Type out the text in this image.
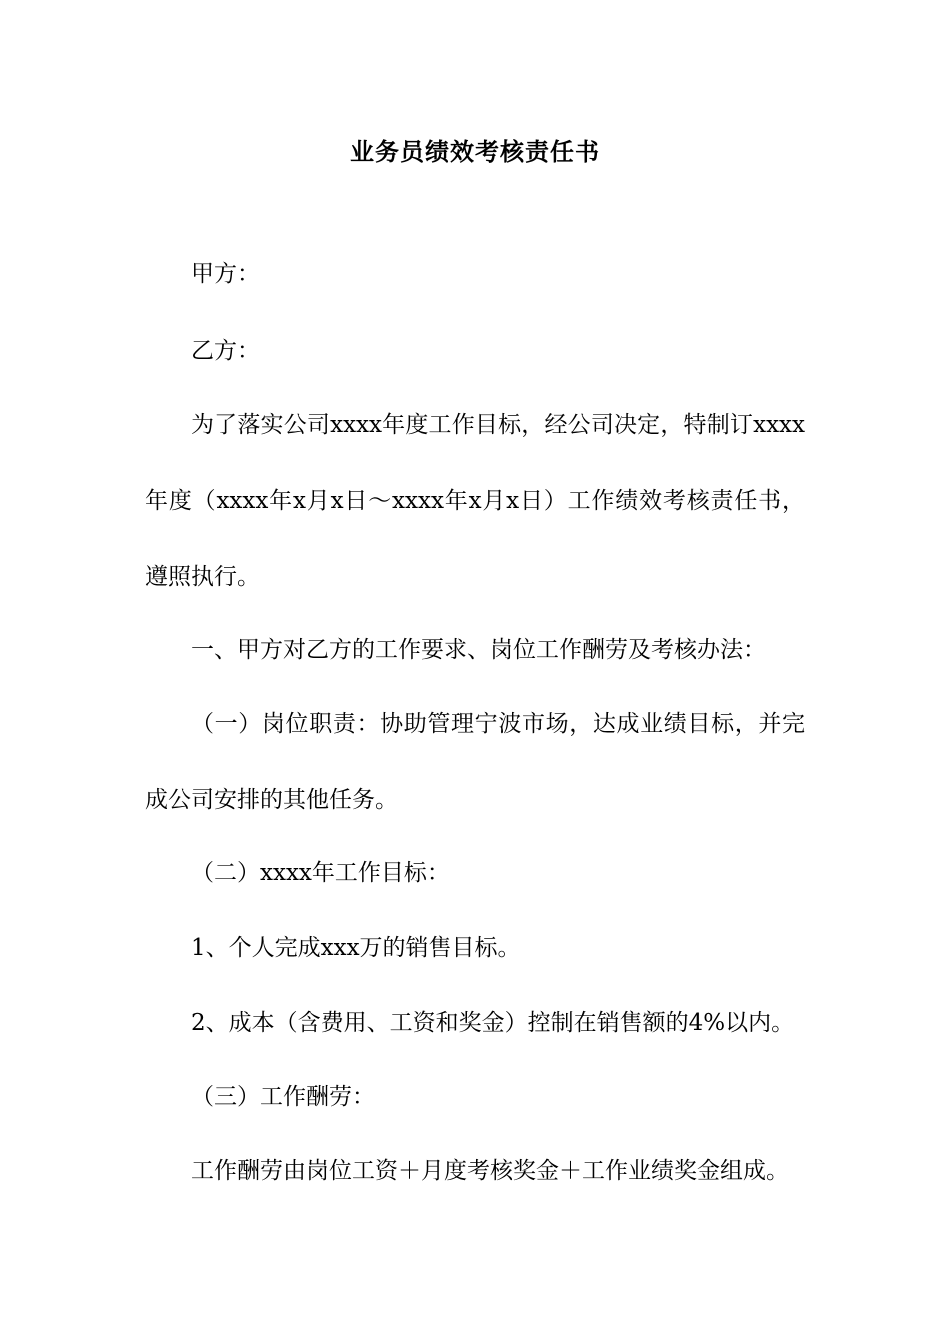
业务员绩效考核责任书

甲方：

乙方：

为了落实公司xxxx年度工作目标，经公司决定，特制订xxxx年度（xxxx年x月x日～xxxx年x月x日）工作绩效考核责任书，遵照执行。

一、甲方对乙方的工作要求、岗位工作酬劳及考核办法：

（一）岗位职责：协助管理宁波市场，达成业绩目标，并完成公司安排的其他任务。

（二）xxxx年工作目标：

1、个人完成xxx万的销售目标。

2、成本（含费用、工资和奖金）控制在销售额的4%以内。

（三）工作酬劳：

工作酬劳由岗位工资＋月度考核奖金＋工作业绩奖金组成。
